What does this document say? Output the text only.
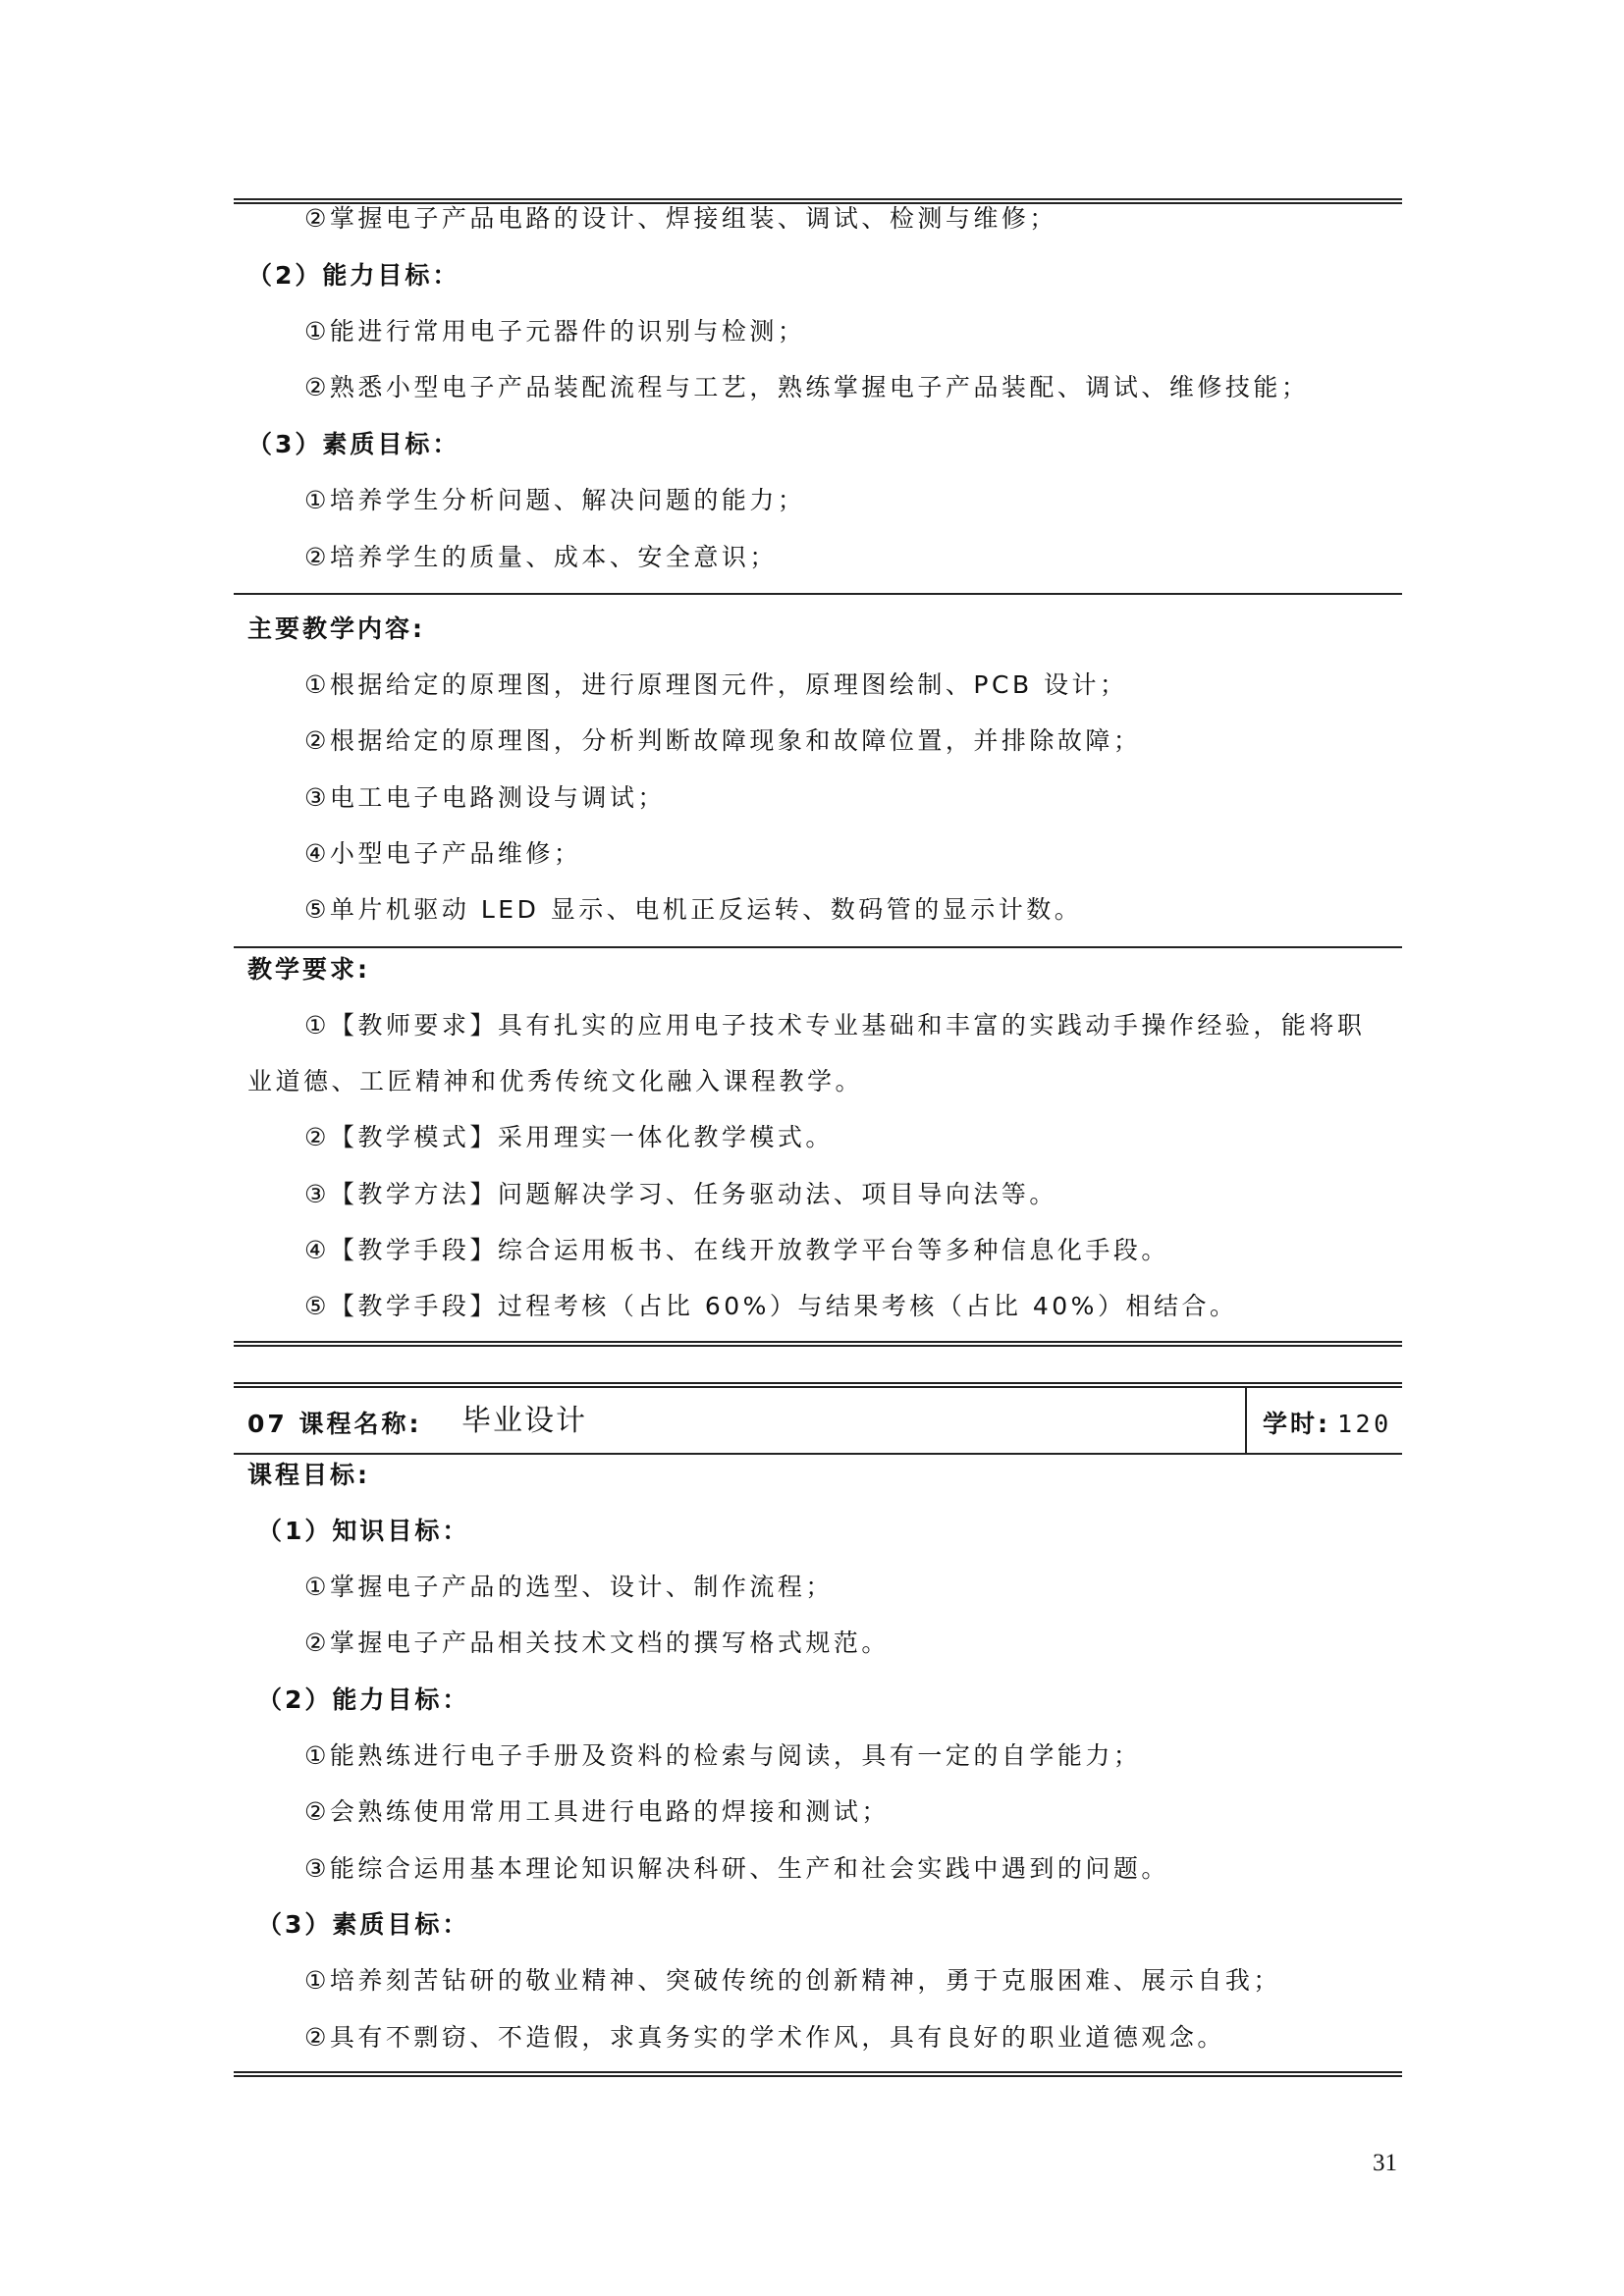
②掌握电子产品电路的设计、焊接组装、调试、检测与维修；
（2）能力目标：
①能进行常用电子元器件的识别与检测；
②熟悉小型电子产品装配流程与工艺，熟练掌握电子产品装配、调试、维修技能；
（3）素质目标：
①培养学生分析问题、解决问题的能力；
②培养学生的质量、成本、安全意识；
主要教学内容:
①根据给定的原理图，进行原理图元件，原理图绘制、PCB 设计；
②根据给定的原理图，分析判断故障现象和故障位置，并排除故障；
③电工电子电路测设与调试；
④小型电子产品维修；
⑤单片机驱动 LED 显示、电机正反运转、数码管的显示计数。
教学要求:
①【教师要求】具有扎实的应用电子技术专业基础和丰富的实践动手操作经验，能将职
业道德、工匠精神和优秀传统文化融入课程教学。
②【教学模式】采用理实一体化教学模式。
③【教学方法】问题解决学习、任务驱动法、项目导向法等。
④【教学手段】综合运用板书、在线开放教学平台等多种信息化手段。
⑤【教学手段】过程考核（占比 60%）与结果考核（占比 40%）相结合。
07 课程名称: 毕业设计	学时: 120
课程目标:
（1）知识目标：
①掌握电子产品的选型、设计、制作流程；
②掌握电子产品相关技术文档的撰写格式规范。
（2）能力目标：
①能熟练进行电子手册及资料的检索与阅读，具有一定的自学能力；
②会熟练使用常用工具进行电路的焊接和测试；
③能综合运用基本理论知识解决科研、生产和社会实践中遇到的问题。
（3）素质目标：
①培养刻苦钻研的敬业精神、突破传统的创新精神，勇于克服困难、展示自我；
②具有不剽窃、不造假，求真务实的学术作风，具有良好的职业道德观念。
31
